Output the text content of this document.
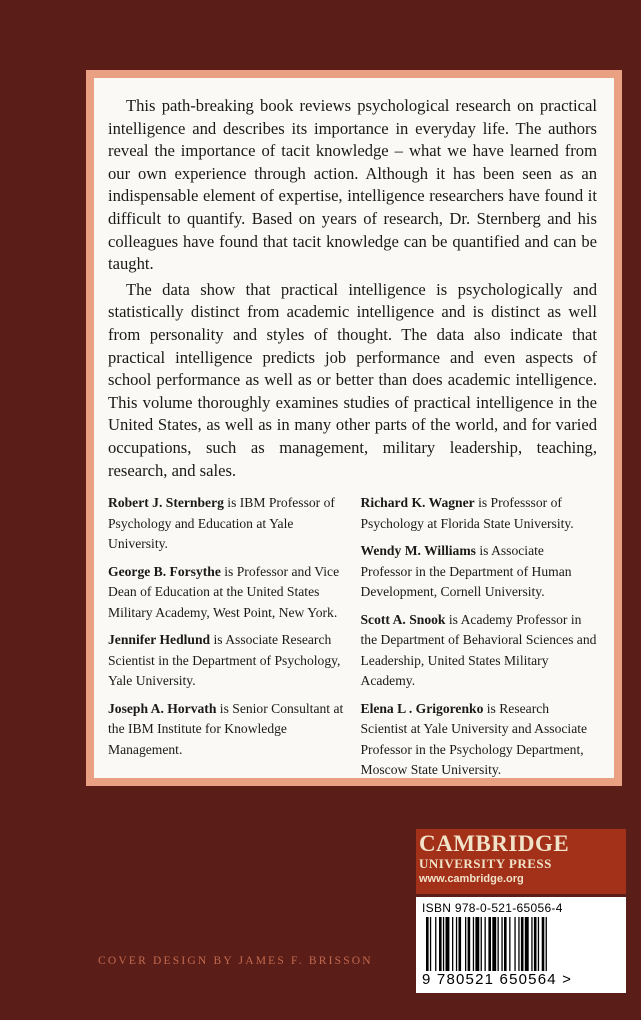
This path-breaking book reviews psychological research on practical intelligence and describes its importance in everyday life. The authors reveal the importance of tacit knowledge – what we have learned from our own experience through action. Although it has been seen as an indispensable element of expertise, intelligence researchers have found it difficult to quantify. Based on years of research, Dr. Sternberg and his colleagues have found that tacit knowledge can be quantified and can be taught.

The data show that practical intelligence is psychologically and statistically distinct from academic intelligence and is distinct as well from personality and styles of thought. The data also indicate that practical intelligence predicts job performance and even aspects of school performance as well as or better than does academic intelligence. This volume thoroughly examines studies of practical intelligence in the United States, as well as in many other parts of the world, and for varied occupations, such as management, military leadership, teaching, research, and sales.

Robert J. Sternberg is IBM Professor of Psychology and Education at Yale University.
George B. Forsythe is Professor and Vice Dean of Education at the United States Military Academy, West Point, New York.
Jennifer Hedlund is Associate Research Scientist in the Department of Psychology, Yale University.
Joseph A. Horvath is Senior Consultant at the IBM Institute for Knowledge Management.
Richard K. Wagner is Professsor of Psychology at Florida State University.
Wendy M. Williams is Associate Professor in the Department of Human Development, Cornell University.
Scott A. Snook is Academy Professor in the Department of Behavioral Sciences and Leadership, United States Military Academy.
Elena L . Grigorenko is Research Scientist at Yale University and Associate Professor in the Psychology Department, Moscow State University.
CAMBRIDGE
UNIVERSITY PRESS
www.cambridge.org
ISBN 978-0-521-65056-4
9 780521 650564 >
COVER DESIGN BY JAMES F. BRISSON
